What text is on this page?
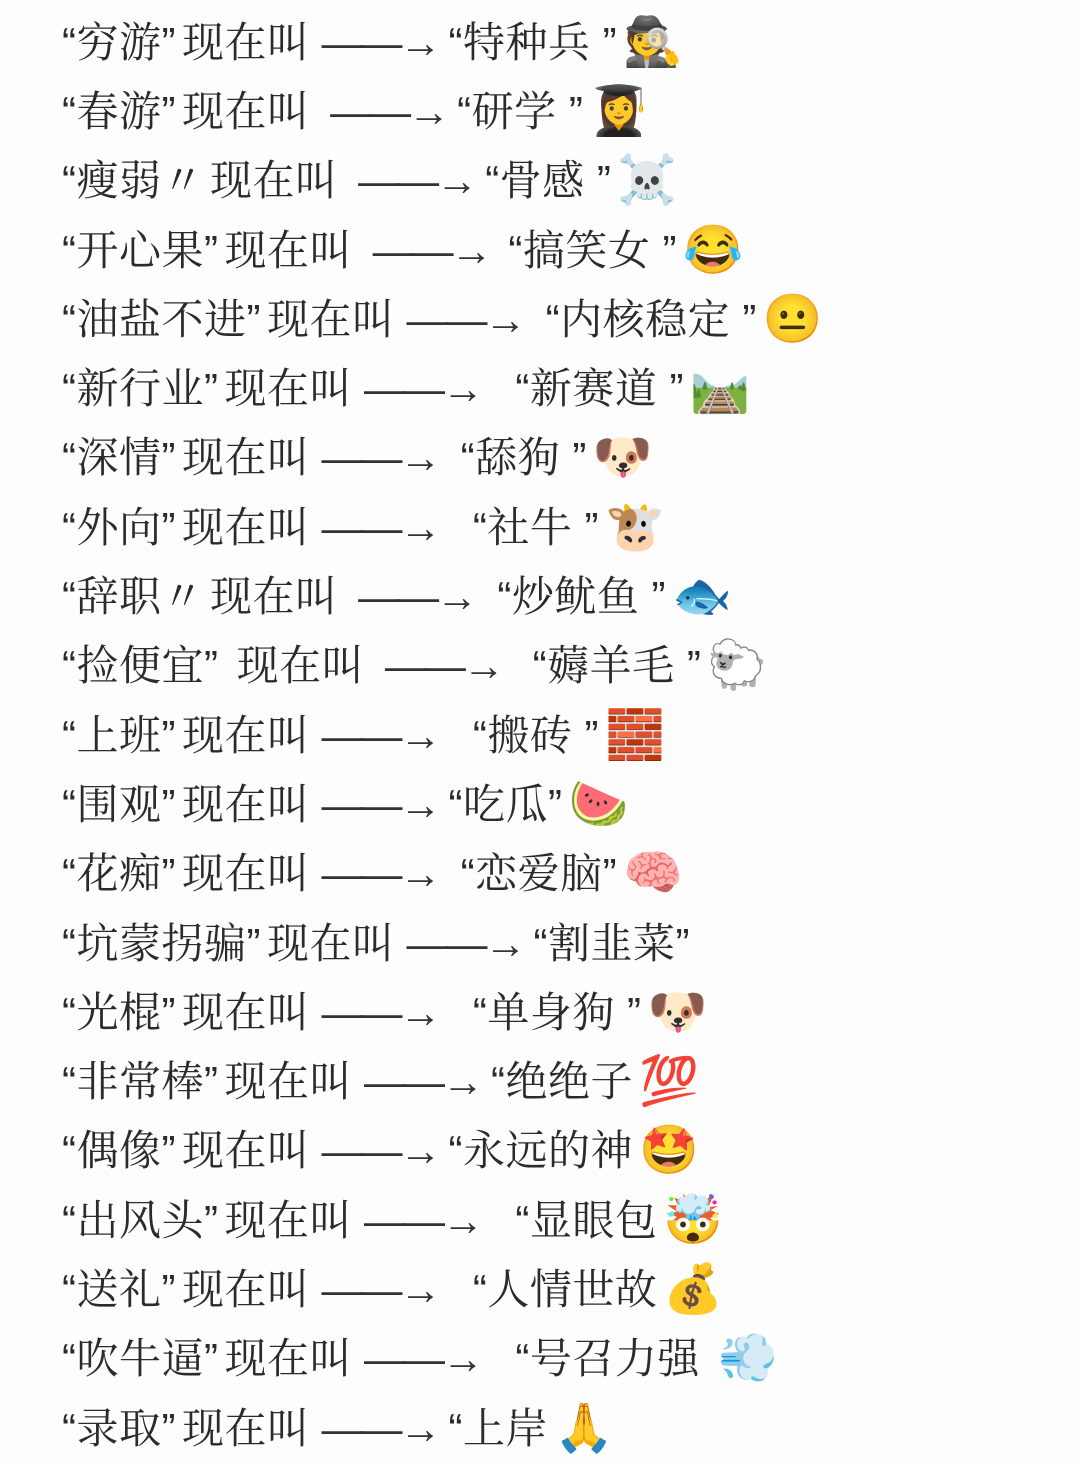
“穷游” 现在叫 ——→ “特种兵 ” 🕵️
“春游” 现在叫 ——→ “研学 ” 👩‍🎓
“瘦弱〃 现在叫 ——→ “骨感 ” ☠️
“开心果” 现在叫 ——→ “搞笑女 ” 😂
“油盐不进” 现在叫 ——→ “内核稳定 ” 😐
“新行业” 现在叫 ——→ “新赛道 ” 🛤️
“深情” 现在叫 ——→ “舔狗 ” 🐶
“外向” 现在叫 ——→ “社牛 ” 🐮
“辞职〃 现在叫 ——→ “炒鱿鱼 ” 🐟
“捡便宜” 现在叫 ——→ “薅羊毛 ” 🐑
“上班” 现在叫 ——→ “搬砖 ” 🧱
“围观” 现在叫 ——→ “吃瓜” 🍉
“花痴” 现在叫 ——→ “恋爱脑” 🧠
“坑蒙拐骗” 现在叫 ——→ “割韭菜”
“光棍” 现在叫 ——→ “单身狗 ” 🐶
“非常棒” 现在叫 ——→ “绝绝子 💯
“偶像” 现在叫 ——→ “永远的神 🤩
“出风头” 现在叫 ——→ “显眼包 🤯
“送礼” 现在叫 ——→ “人情世故 💰
“吹牛逼” 现在叫 ——→ “号召力强 💨
“录取” 现在叫 ——→ “上岸 🙏
